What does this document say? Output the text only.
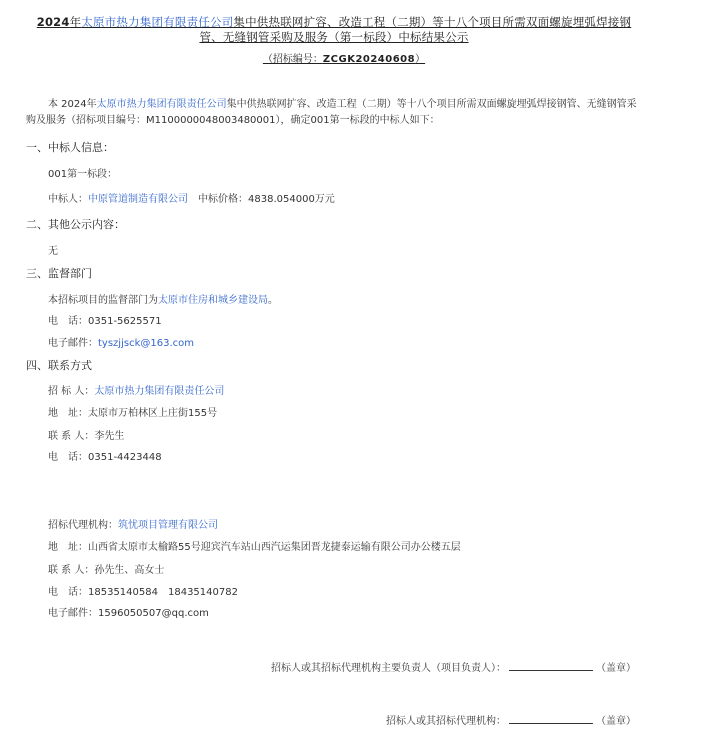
2024年太原市热力集团有限责任公司集中供热联网扩容、改造工程（二期）等十八个项目所需双面螺旋埋弧焊接钢
管、无缝钢管采购及服务（第一标段）中标结果公示
（招标编号：ZCGK20240608）
本 2024年太原市热力集团有限责任公司集中供热联网扩容、改造工程（二期）等十八个项目所需双面螺旋埋弧焊接钢管、无缝钢管采购及服务（招标项目编号：M1100000048003480001），确定001第一标段的中标人如下：
一、中标人信息：
001第一标段：
中标人：中原管道制造有限公司 中标价格：4838.054000万元
二、其他公示内容：
无
三、监督部门
本招标项目的监督部门为太原市住房和城乡建设局。
电　话：0351-5625571
电子邮件：tyszjjsck@163.com
四、联系方式
招 标 人：太原市热力集团有限责任公司
地　址：太原市万柏林区上庄街155号
联 系 人：李先生
电　话：0351-4423448
招标代理机构：筑忧项目管理有限公司
地　址：山西省太原市太榆路55号迎宾汽车站山西汽运集团晋龙捷泰运输有限公司办公楼五层
联 系 人：孙先生、高女士
电　话：18535140584　18435140782
电子邮件：1596050507@qq.com
招标人或其招标代理机构主要负责人（项目负责人）：	（盖章）
招标人或其招标代理机构：	（盖章）
